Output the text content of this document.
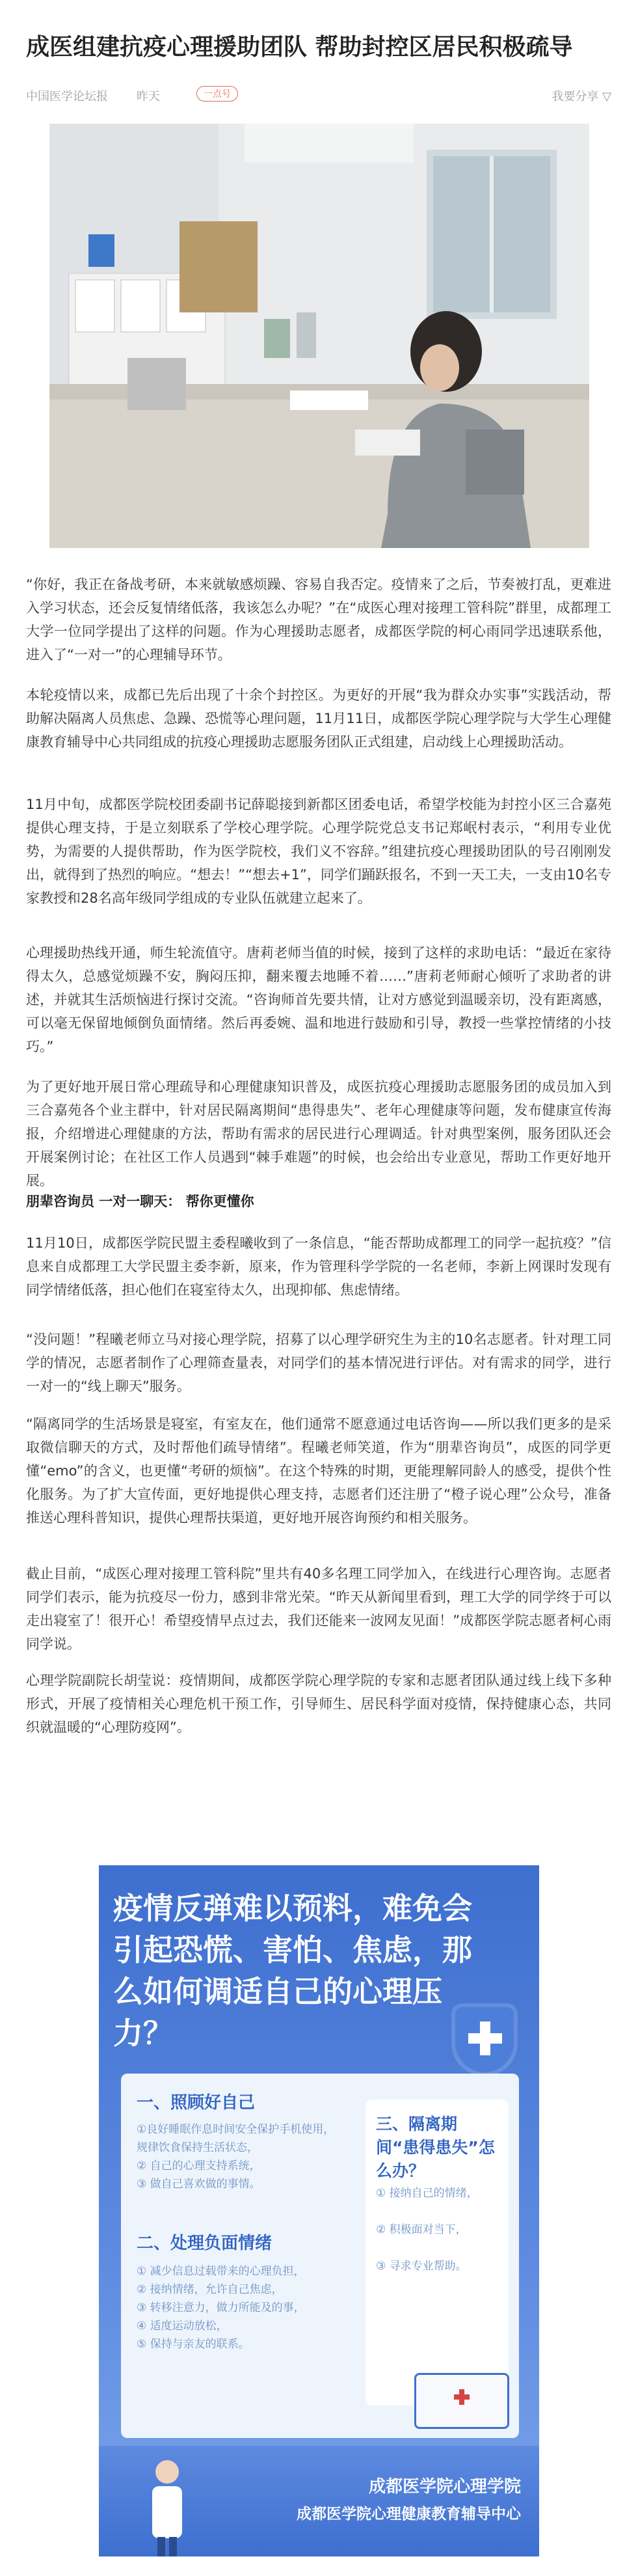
成医组建抗疫心理援助团队 帮助封控区居民积极疏导
中国医学论坛报 昨天	一点号	我要分享 ▽

“你好，我正在备战考研，本来就敏感烦躁、容易自我否定。疫情来了之后，节奏被打乱，更难进入学习状态，还会反复情绪低落，我该怎么办呢？”在“成医心理对接理工管科院”群里，成都理工大学一位同学提出了这样的问题。作为心理援助志愿者，成都医学院的柯心雨同学迅速联系他，进入了“一对一”的心理辅导环节。

本轮疫情以来，成都已先后出现了十余个封控区。为更好的开展“我为群众办实事”实践活动，帮助解决隔离人员焦虑、急躁、恐慌等心理问题，11月11日，成都医学院心理学院与大学生心理健康教育辅导中心共同组成的抗疫心理援助志愿服务团队正式组建，启动线上心理援助活动。

11月中旬，成都医学院校团委副书记薛聪接到新都区团委电话，希望学校能为封控小区三合嘉苑提供心理支持，于是立刻联系了学校心理学院。心理学院党总支书记郑岷村表示，“利用专业优势，为需要的人提供帮助，作为医学院校，我们义不容辞。”组建抗疫心理援助团队的号召刚刚发出，就得到了热烈的响应。“想去！”“想去+1”，同学们踊跃报名，不到一天工夫，一支由10名专家教授和28名高年级同学组成的专业队伍就建立起来了。

心理援助热线开通，师生轮流值守。唐莉老师当值的时候，接到了这样的求助电话：“最近在家待得太久，总感觉烦躁不安，胸闷压抑，翻来覆去地睡不着……”唐莉老师耐心倾听了求助者的讲述，并就其生活烦恼进行探讨交流。“咨询师首先要共情，让对方感觉到温暖亲切，没有距离感，可以毫无保留地倾倒负面情绪。然后再委婉、温和地进行鼓励和引导，教授一些掌控情绪的小技巧。”

为了更好地开展日常心理疏导和心理健康知识普及，成医抗疫心理援助志愿服务团的成员加入到三合嘉苑各个业主群中，针对居民隔离期间“患得患失”、老年心理健康等问题，发布健康宣传海报，介绍增进心理健康的方法，帮助有需求的居民进行心理调适。针对典型案例，服务团队还会开展案例讨论；在社区工作人员遇到“棘手难题”的时候，也会给出专业意见，帮助工作更好地开展。

朋辈咨询员 一对一聊天： 帮你更懂你

11月10日，成都医学院民盟主委程曦收到了一条信息，“能否帮助成都理工的同学一起抗疫？”信息来自成都理工大学民盟主委李新，原来，作为管理科学学院的一名老师，李新上网课时发现有同学情绪低落，担心他们在寝室待太久，出现抑郁、焦虑情绪。

“没问题！”程曦老师立马对接心理学院，招募了以心理学研究生为主的10名志愿者。针对理工同学的情况，志愿者制作了心理筛查量表，对同学们的基本情况进行评估。对有需求的同学，进行一对一的“线上聊天”服务。

“隔离同学的生活场景是寝室，有室友在，他们通常不愿意通过电话咨询——所以我们更多的是采取微信聊天的方式，及时帮他们疏导情绪”。程曦老师笑道，作为“朋辈咨询员”，成医的同学更懂“emo”的含义，也更懂“考研的烦恼”。在这个特殊的时期，更能理解同龄人的感受，提供个性化服务。为了扩大宣传面，更好地提供心理支持，志愿者们还注册了“橙子说心理”公众号，准备推送心理科普知识，提供心理帮扶渠道，更好地开展咨询预约和相关服务。

截止目前，“成医心理对接理工管科院”里共有40多名理工同学加入，在线进行心理咨询。志愿者同学们表示，能为抗疫尽一份力，感到非常光荣。“昨天从新闻里看到，理工大学的同学终于可以走出寝室了！很开心！希望疫情早点过去，我们还能来一波网友见面！”成都医学院志愿者柯心雨同学说。

心理学院副院长胡莹说：疫情期间，成都医学院心理学院的专家和志愿者团队通过线上线下多种形式，开展了疫情相关心理危机干预工作，引导师生、居民科学面对疫情，保持健康心态，共同织就温暖的“心理防疫网”。

疫情反弹难以预料，难免会引起恐慌、害怕、焦虑，那么如何调适自己的心理压力？
一、照顾好自己
①良好睡眠作息时间安全保护手机使用，
规律饮食保持生活状态，
② 自己的心理支持系统，
③ 做自己喜欢做的事情。
二、处理负面情绪
① 减少信息过载带来的心理负担，
② 接纳情绪，允许自己焦虑，
③ 转移注意力，做力所能及的事，
④ 适度运动放松，
⑤ 保持与亲友的联系。
三、隔离期间“患得患失”怎么办？
① 接纳自己的情绪，
② 积极面对当下，
③ 寻求专业帮助。
成都医学院心理学院
成都医学院心理健康教育辅导中心
